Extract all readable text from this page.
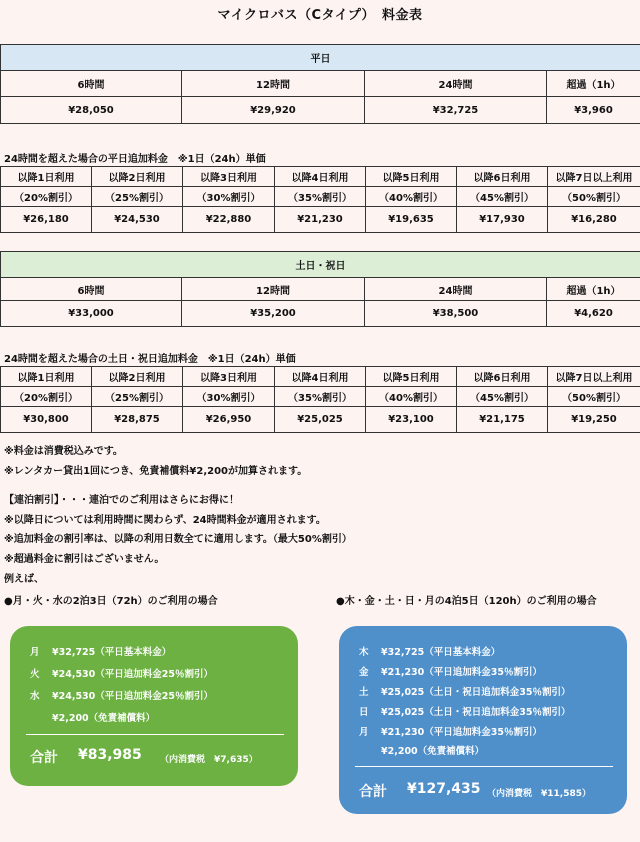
マイクロバス（Cタイプ）　料金表
平日			
6時間	12時間	24時間	超過（1h）
¥28,050	¥29,920	¥32,725	¥3,960
24時間を超えた場合の平日追加料金　※1日（24h）単価
以降1日利用	以降2日利用	以降3日利用	以降4日利用	以降5日利用	以降6日利用	以降7日以上利用
（20%割引）	（25%割引）	（30%割引）	（35%割引）	（40%割引）	（45%割引）	（50%割引）
¥26,180	¥24,530	¥22,880	¥21,230	¥19,635	¥17,930	¥16,280
土日・祝日			
6時間	12時間	24時間	超過（1h）
¥33,000	¥35,200	¥38,500	¥4,620
24時間を超えた場合の土日・祝日追加料金　※1日（24h）単価
以降1日利用	以降2日利用	以降3日利用	以降4日利用	以降5日利用	以降6日利用	以降7日以上利用
（20%割引）	（25%割引）	（30%割引）	（35%割引）	（40%割引）	（45%割引）	（50%割引）
¥30,800	¥28,875	¥26,950	¥25,025	¥23,100	¥21,175	¥19,250
※料金は消費税込みです。
※レンタカー貸出1回につき、免責補償料¥2,200が加算されます。
【連泊割引】・・・連泊でのご利用はさらにお得に！
※以降日については利用時間に関わらず、24時間料金が適用されます。
※追加料金の割引率は、以降の利用日数全てに適用します。（最大50%割引）
※超過料金に割引はございません。
例えば、
●月・火・水の2泊3日（72h）のご利用の場合	●木・金・土・日・月の4泊5日（120h）のご利用の場合
月 ¥32,725（平日基本料金）
火 ¥24,530（平日追加料金25％割引）
水 ¥24,530（平日追加料金25％割引）
¥2,200（免責補償料）
合計 ¥83,985 （内消費税　¥7,635）
木 ¥32,725（平日基本料金）
金 ¥21,230（平日追加料金35％割引）
土 ¥25,025（土日・祝日追加料金35％割引）
日 ¥25,025（土日・祝日追加料金35％割引）
月 ¥21,230（平日追加料金35％割引）
¥2,200（免責補償料）
合計 ¥127,435 （内消費税　¥11,585）
